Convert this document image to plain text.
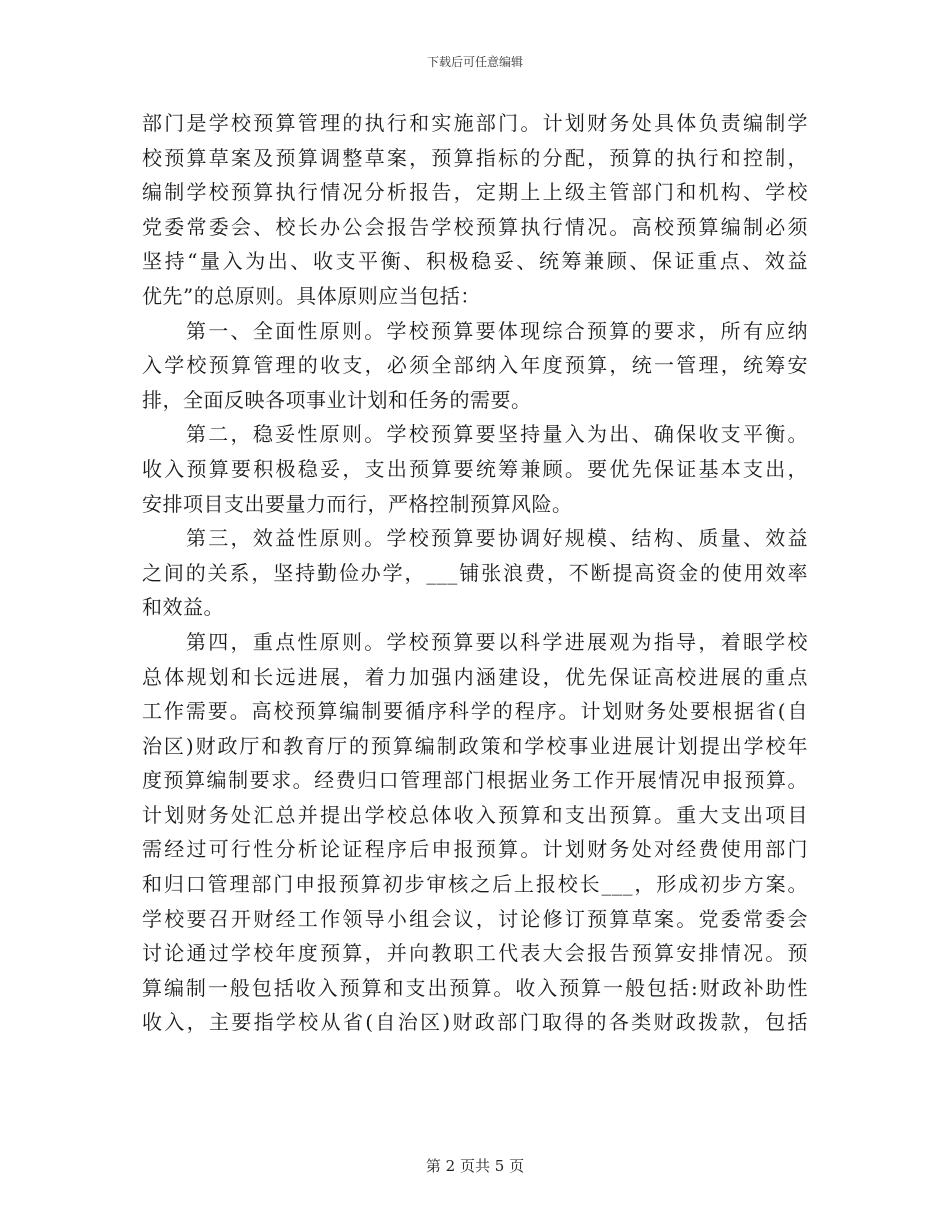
下载后可任意编辑
部门是学校预算管理的执行和实施部门。计划财务处具体负责编制学
校预算草案及预算调整草案，预算指标的分配，预算的执行和控制，
编制学校预算执行情况分析报告，定期上上级主管部门和机构、学校
党委常委会、校长办公会报告学校预算执行情况。高校预算编制必须
坚持“量入为出、收支平衡、积极稳妥、统筹兼顾、保证重点、效益
优先”的总原则。具体原则应当包括：
第一、全面性原则。学校预算要体现综合预算的要求，所有应纳
入学校预算管理的收支，必须全部纳入年度预算，统一管理，统筹安
排，全面反映各项事业计划和任务的需要。
第二，稳妥性原则。学校预算要坚持量入为出、确保收支平衡。
收入预算要积极稳妥，支出预算要统筹兼顾。要优先保证基本支出，
安排项目支出要量力而行，严格控制预算风险。
第三，效益性原则。学校预算要协调好规模、结构、质量、效益
之间的关系，坚持勤俭办学，___铺张浪费，不断提高资金的使用效率
和效益。
第四，重点性原则。学校预算要以科学进展观为指导，着眼学校
总体规划和长远进展，着力加强内涵建设，优先保证高校进展的重点
工作需要。高校预算编制要循序科学的程序。计划财务处要根据省(自
治区)财政厅和教育厅的预算编制政策和学校事业进展计划提出学校年
度预算编制要求。经费归口管理部门根据业务工作开展情况申报预算。
计划财务处汇总并提出学校总体收入预算和支出预算。重大支出项目
需经过可行性分析论证程序后申报预算。计划财务处对经费使用部门
和归口管理部门申报预算初步审核之后上报校长___，形成初步方案。
学校要召开财经工作领导小组会议，讨论修订预算草案。党委常委会
讨论通过学校年度预算，并向教职工代表大会报告预算安排情况。预
算编制一般包括收入预算和支出预算。收入预算一般包括:财政补助性
收入，主要指学校从省(自治区)财政部门取得的各类财政拨款，包括
第 2 页共 5 页
